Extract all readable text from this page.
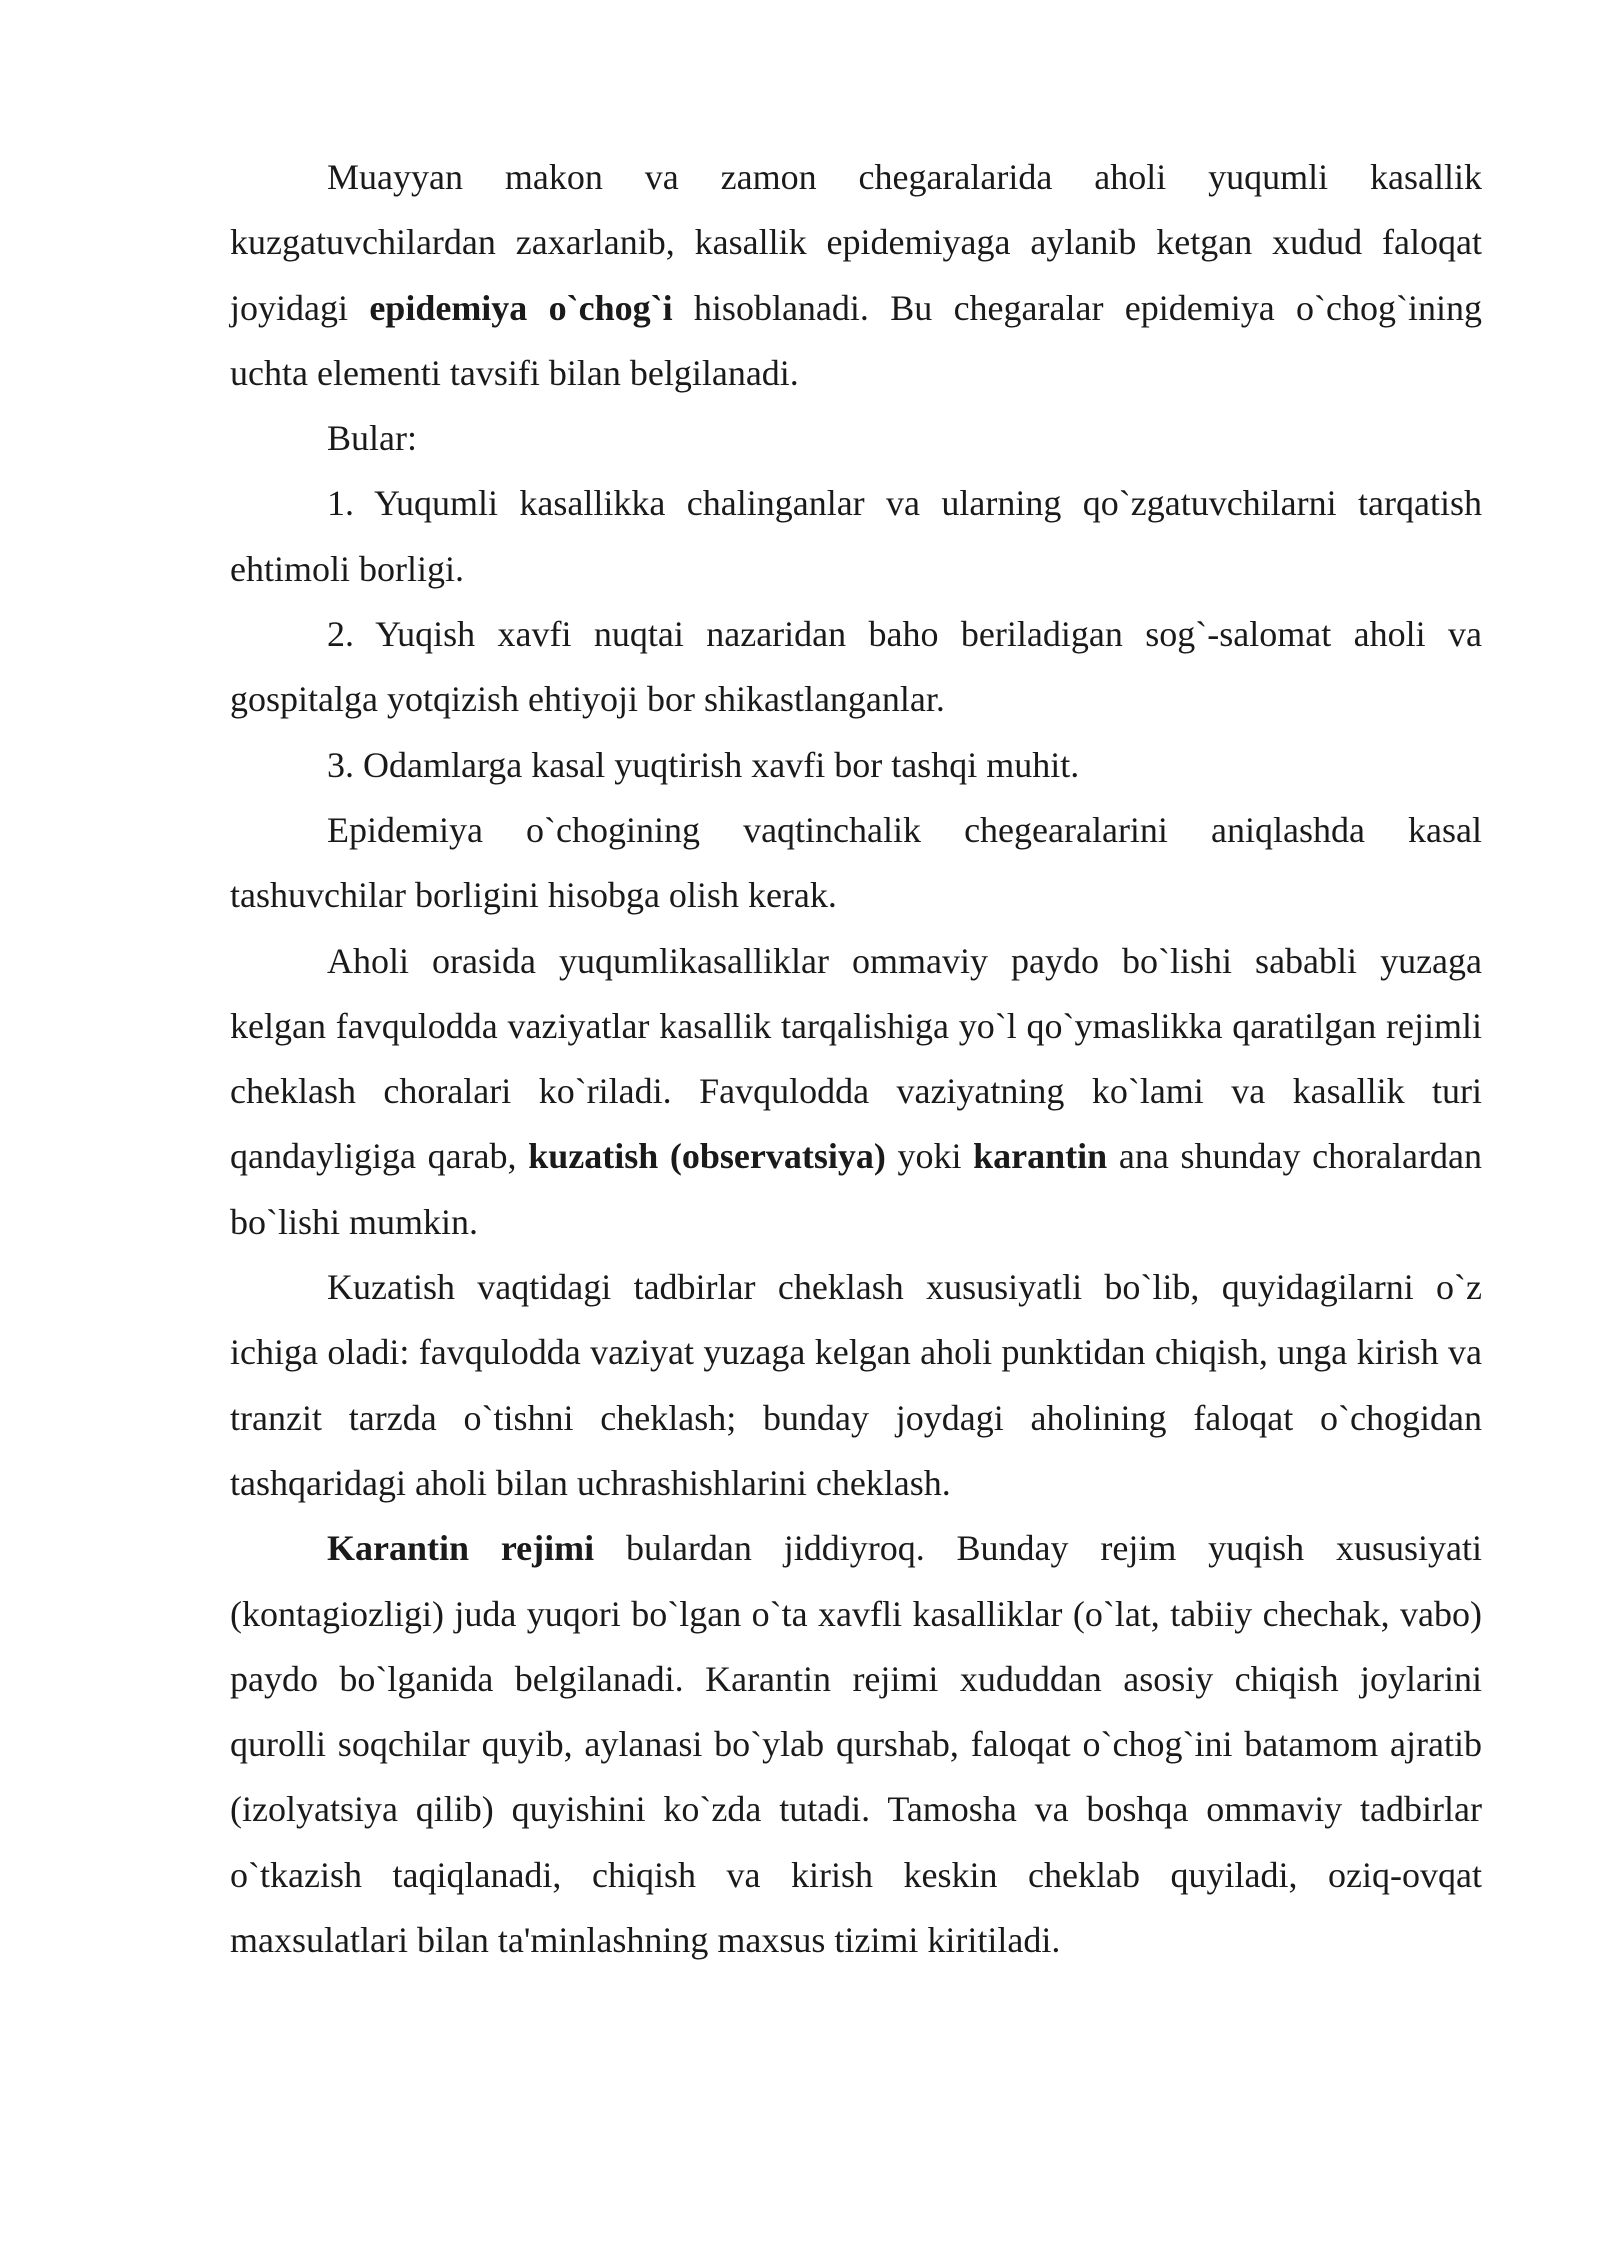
Muayyan makon va zamon chegaralarida aholi yuqumli kasallik kuzgatuvchilardan zaxarlanib, kasallik epidemiyaga aylanib ketgan xudud faloqat joyidagi epidemiya o`chog`i hisoblanadi. Bu chegaralar epidemiya o`chog`ining uchta elementi tavsifi bilan belgilanadi.

Bular:

1. Yuqumli kasallikka chalinganlar va ularning qo`zgatuvchilarni tarqatish ehtimoli borligi.

2. Yuqish xavfi nuqtai nazaridan baho beriladigan sog`-salomat aholi va gospitalga yotqizish ehtiyoji bor shikastlanganlar.

3. Odamlarga kasal yuqtirish xavfi bor tashqi muhit.

Epidemiya o`chogining vaqtinchalik chegearalarini aniqlashda kasal tashuvchilar borligini hisobga olish kerak.

Aholi orasida yuqumlikasalliklar ommaviy paydo bo`lishi sababli yuzaga kelgan favqulodda vaziyatlar kasallik tarqalishiga yo`l qo`ymaslikka qaratilgan rejimli cheklash choralari ko`riladi. Favqulodda vaziyatning ko`lami va kasallik turi qandayligiga qarab, kuzatish (observatsiya) yoki karantin ana shunday choralardan bo`lishi mumkin.

Kuzatish vaqtidagi tadbirlar cheklash xususiyatli bo`lib, quyidagilarni o`z ichiga oladi: favqulodda vaziyat yuzaga kelgan aholi punktidan chiqish, unga kirish va tranzit tarzda o`tishni cheklash; bunday joydagi aholining faloqat o`chogidan tashqaridagi aholi bilan uchrashishlarini cheklash.

Karantin rejimi bulardan jiddiyroq. Bunday rejim yuqish xususiyati (kontagiozligi) juda yuqori bo`lgan o`ta xavfli kasalliklar (o`lat, tabiiy chechak, vabo) paydo bo`lganida belgilanadi. Karantin rejimi xududdan asosiy chiqish joylarini qurolli soqchilar quyib, aylanasi bo`ylab qurshab, faloqat o`chog`ini batamom ajratib (izolyatsiya qilib) quyishini ko`zda tutadi. Tamosha va boshqa ommaviy tadbirlar o`tkazish taqiqlanadi, chiqish va kirish keskin cheklab quyiladi, oziq-ovqat maxsulatlari bilan ta'minlashning maxsus tizimi kiritiladi.
